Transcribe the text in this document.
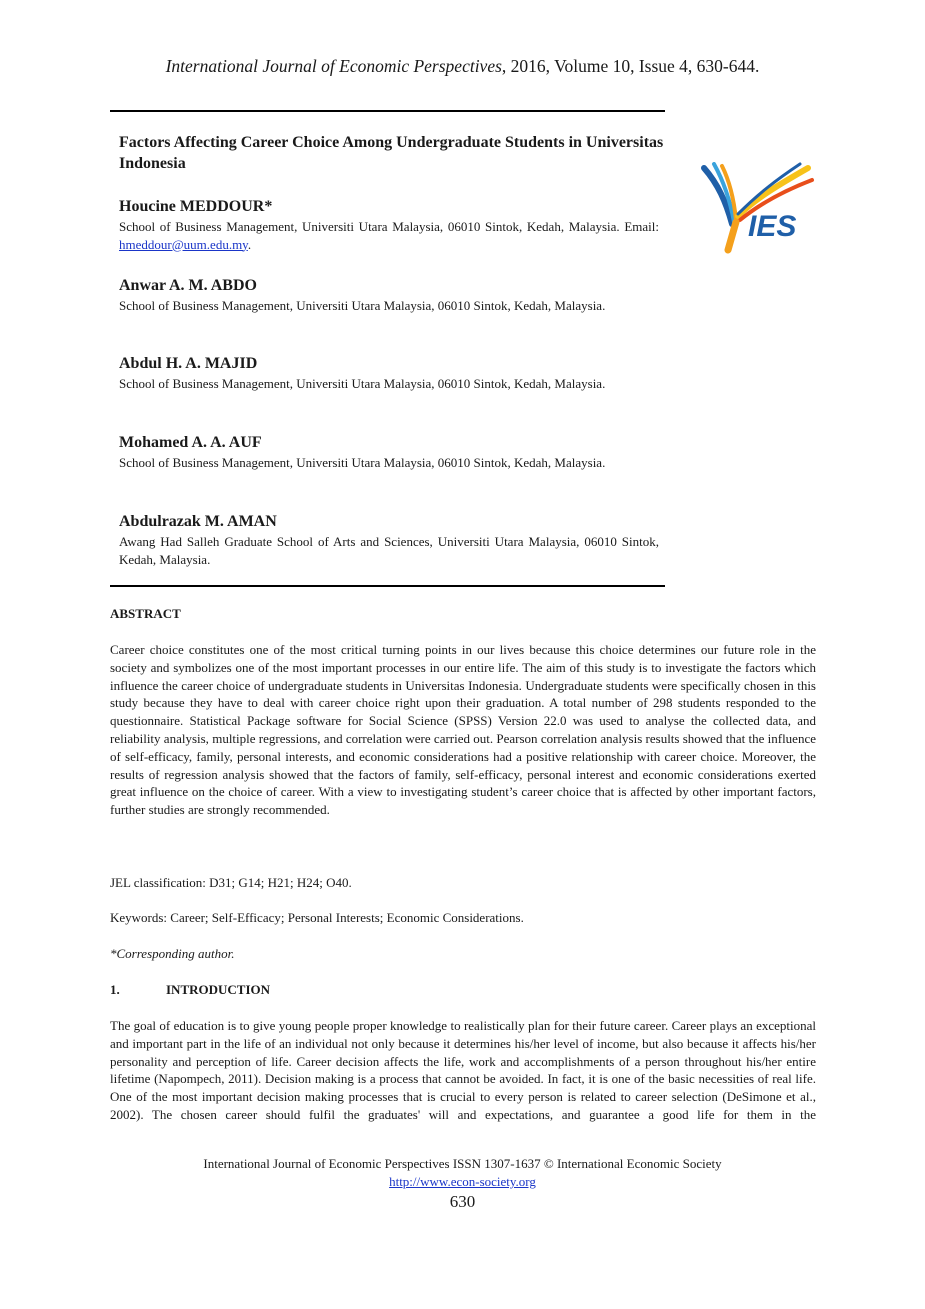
International Journal of Economic Perspectives, 2016, Volume 10, Issue 4, 630-644.
Factors Affecting Career Choice Among Undergraduate Students in Universitas Indonesia
Houcine MEDDOUR*
School of Business Management, Universiti Utara Malaysia, 06010 Sintok, Kedah, Malaysia. Email: hmeddour@uum.edu.my.
Anwar A. M. ABDO
School of Business Management, Universiti Utara Malaysia, 06010 Sintok, Kedah, Malaysia.
Abdul H. A. MAJID
School of Business Management, Universiti Utara Malaysia, 06010 Sintok, Kedah, Malaysia.
Mohamed A. A. AUF
School of Business Management, Universiti Utara Malaysia, 06010 Sintok, Kedah, Malaysia.
Abdulrazak M. AMAN
Awang Had Salleh Graduate School of Arts and Sciences, Universiti Utara Malaysia, 06010 Sintok, Kedah, Malaysia.
IES
ABSTRACT
Career choice constitutes one of the most critical turning points in our lives because this choice determines our future role in the society and symbolizes one of the most important processes in our entire life. The aim of this study is to investigate the factors which influence the career choice of undergraduate students in Universitas Indonesia. Undergraduate students were specifically chosen in this study because they have to deal with career choice right upon their graduation. A total number of 298 students responded to the questionnaire. Statistical Package software for Social Science (SPSS) Version 22.0 was used to analyse the collected data, and reliability analysis, multiple regressions, and correlation were carried out. Pearson correlation analysis results showed that the influence of self-efficacy, family, personal interests, and economic considerations had a positive relationship with career choice. Moreover, the results of regression analysis showed that the factors of family, self-efficacy, personal interest and economic considerations exerted great influence on the choice of career. With a view to investigating student’s career choice that is affected by other important factors, further studies are strongly recommended.
JEL classification: D31; G14; H21; H24; O40.
Keywords: Career; Self-Efficacy; Personal Interests; Economic Considerations.
*Corresponding author.
1.	INTRODUCTION
The goal of education is to give young people proper knowledge to realistically plan for their future career. Career plays an exceptional and important part in the life of an individual not only because it determines his/her level of income, but also because it affects his/her personality and perception of life. Career decision affects the life, work and accomplishments of a person throughout his/her entire lifetime (Napompech, 2011). Decision making is a process that cannot be avoided. In fact, it is one of the basic necessities of real life. One of the most important decision making processes that is crucial to every person is related to career selection (DeSimone et al., 2002). The chosen career should fulfil the graduates' will and expectations, and guarantee a good life for them in the
International Journal of Economic Perspectives ISSN 1307-1637 © International Economic Society
http://www.econ-society.org
630
